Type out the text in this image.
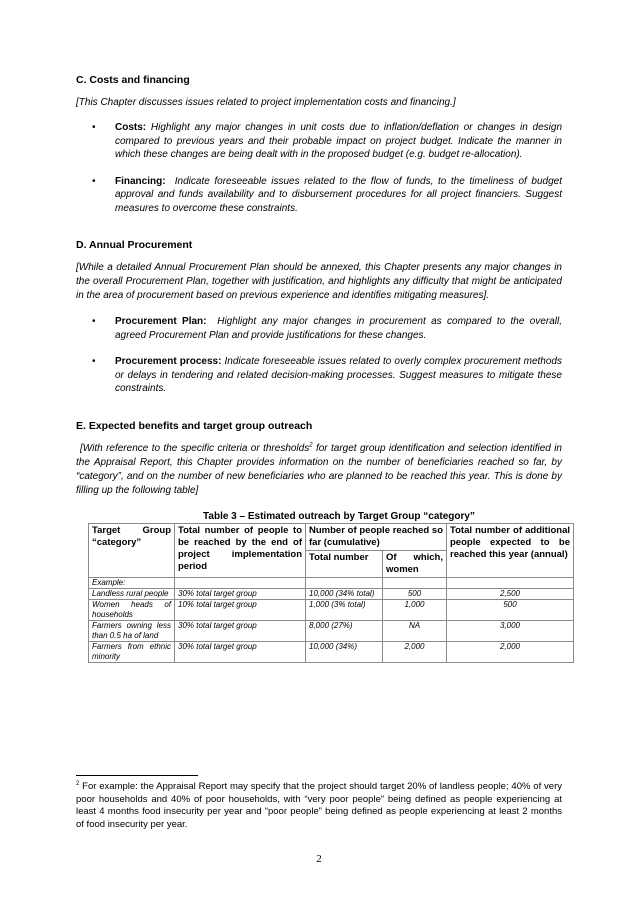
C. Costs and financing

[This Chapter discusses issues related to project implementation costs and financing.]

• Costs: Highlight any major changes in unit costs due to inflation/deflation or changes in design compared to previous years and their probable impact on project budget. Indicate the manner in which these changes are being dealt with in the proposed budget (e.g. budget re-allocation).
• Financing: Indicate foreseeable issues related to the flow of funds, to the timeliness of budget approval and funds availability and to disbursement procedures for all project financiers. Suggest measures to overcome these constraints.
D. Annual Procurement

[While a detailed Annual Procurement Plan should be annexed, this Chapter presents any major changes in the overall Procurement Plan, together with justification, and highlights any difficulty that might be anticipated in the area of procurement based on previous experience and identifies mitigating measures].

• Procurement Plan: Highlight any major changes in procurement as compared to the overall, agreed Procurement Plan and provide justifications for these changes.
• Procurement process: Indicate foreseeable issues related to overly complex procurement methods or delays in tendering and related decision-making processes. Suggest measures to mitigate these constraints.
E. Expected benefits and target group outreach

[With reference to the specific criteria or thresholds$^2$ for target group identification and selection identified in the Appraisal Report, this Chapter provides information on the number of beneficiaries reached so far, by “category”, and on the number of new beneficiaries who are planned to be reached this year. This is done by filling up the following table]

Table 3 – Estimated outreach by Target Group “category”

Target Group “category”	Total number of people to be reached by the end of project implementation period	Number of people reached so far (cumulative)		Total number of additional people expected to be reached this year (annual)
		Total number	Of which, women	
Example:				
Landless rural people	30% total target group	10,000 (34% total)	500	2,500
Women heads of households	10% total target group	1,000 (3% total)	1,000	500
Farmers owning less than 0.5 ha of land	30% total target group	8,000 (27%)	NA	3,000
Farmers from ethnic minority	30% total target group	10,000 (34%)	2,000	2,000
$^2$ For example: the Appraisal Report may specify that the project should target 20% of landless people; 40% of very poor households and 40% of poor households, with “very poor people” being defined as people experiencing at least 4 months food insecurity per year and “poor people” being defined as people experiencing at least 2 months of food insecurity per year.
2
